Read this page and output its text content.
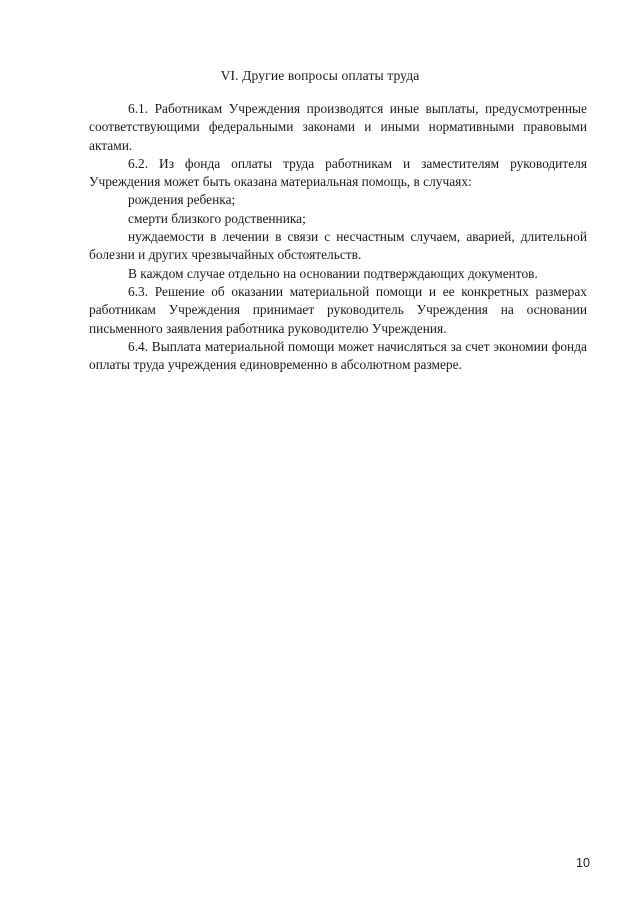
VI. Другие вопросы оплаты труда

6.1. Работникам Учреждения производятся иные выплаты, предусмотренные соответствующими федеральными законами и иными нормативными правовыми актами.

6.2. Из фонда оплаты труда работникам и заместителям руководителя Учреждения может быть оказана материальная помощь, в случаях:

рождения ребенка;

смерти близкого родственника;

нуждаемости в лечении в связи с несчастным случаем, аварией, длительной болезни и других чрезвычайных обстоятельств.

В каждом случае отдельно на основании подтверждающих документов.

6.3. Решение об оказании материальной помощи и ее конкретных размерах работникам Учреждения принимает руководитель Учреждения на основании письменного заявления работника руководителю Учреждения.

6.4. Выплата материальной помощи может начисляться за счет экономии фонда оплаты труда учреждения единовременно в абсолютном размере.

10
